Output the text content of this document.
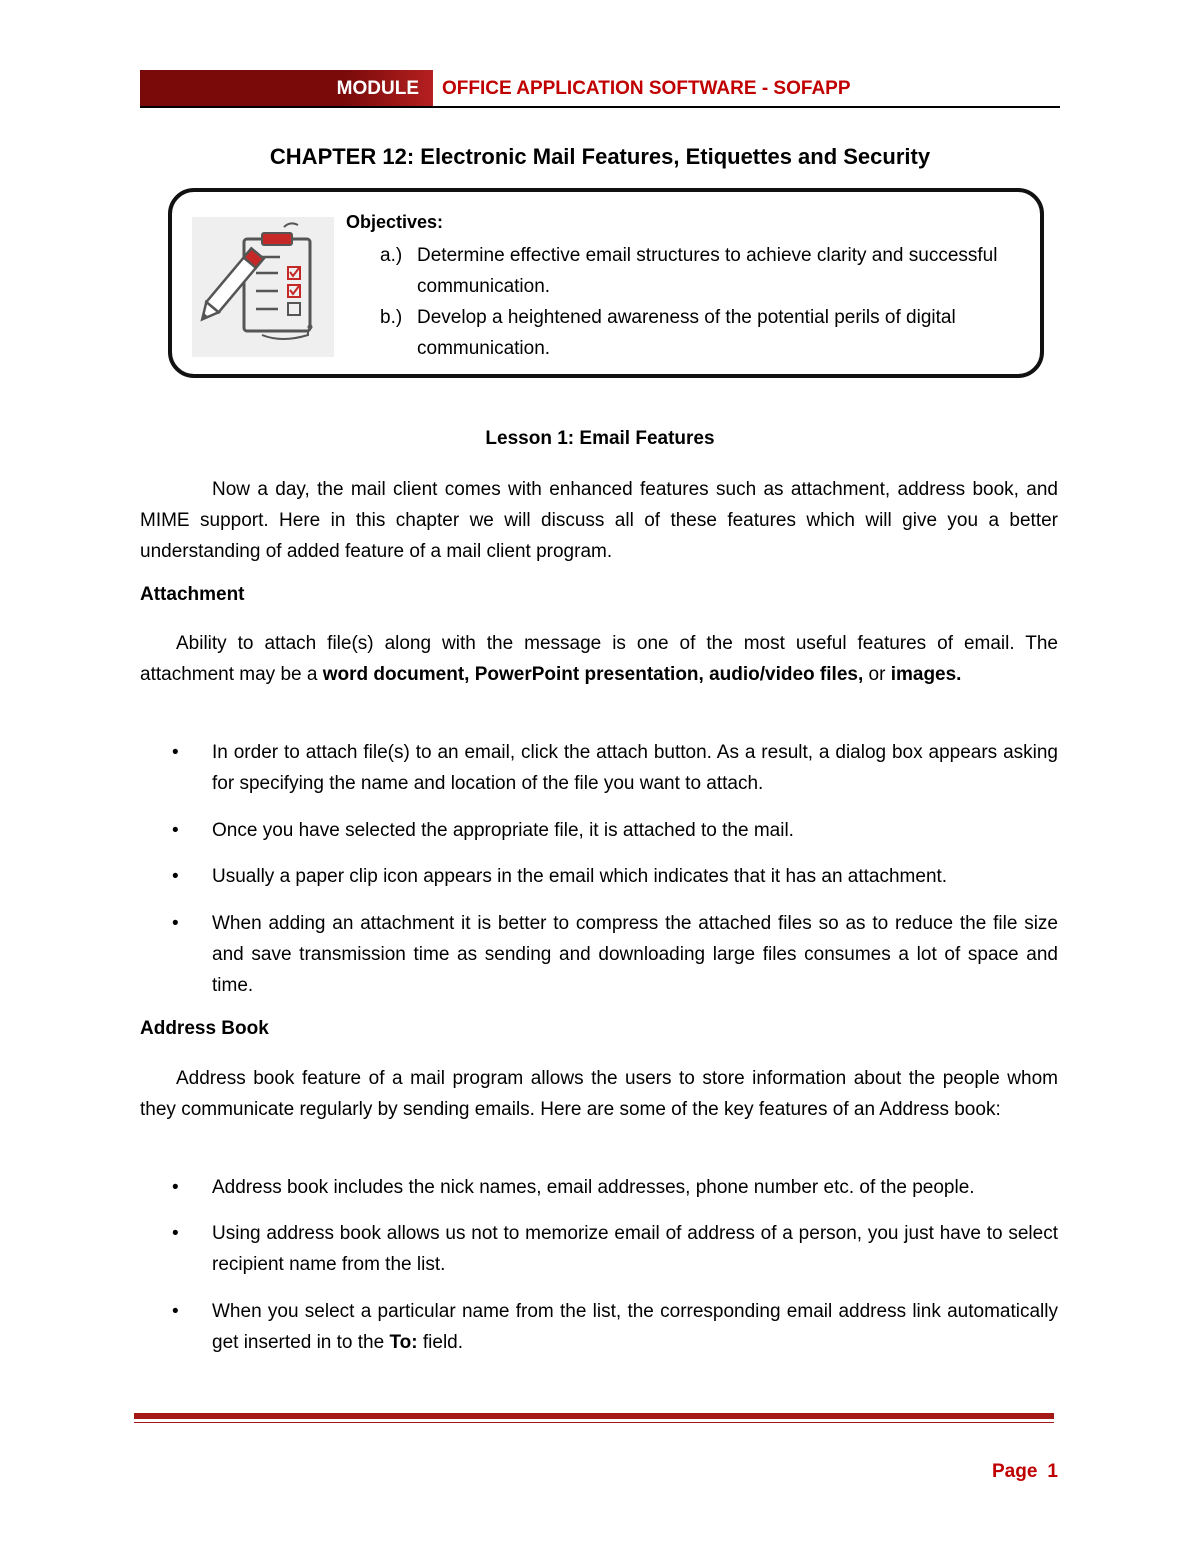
MODULE OFFICE APPLICATION SOFTWARE - SOFAPP
CHAPTER 12: Electronic Mail Features, Etiquettes and Security
Objectives:
a.) Determine effective email structures to achieve clarity and successful communication.
b.) Develop a heightened awareness of the potential perils of digital communication.
Lesson 1: Email Features
Now a day, the mail client comes with enhanced features such as attachment, address book, and MIME support. Here in this chapter we will discuss all of these features which will give you a better understanding of added feature of a mail client program.
Attachment
Ability to attach file(s) along with the message is one of the most useful features of email. The attachment may be a word document, PowerPoint presentation, audio/video files, or images.
• In order to attach file(s) to an email, click the attach button. As a result, a dialog box appears asking for specifying the name and location of the file you want to attach.
• Once you have selected the appropriate file, it is attached to the mail.
• Usually a paper clip icon appears in the email which indicates that it has an attachment.
• When adding an attachment it is better to compress the attached files so as to reduce the file size and save transmission time as sending and downloading large files consumes a lot of space and time.
Address Book
Address book feature of a mail program allows the users to store information about the people whom they communicate regularly by sending emails. Here are some of the key features of an Address book:
• Address book includes the nick names, email addresses, phone number etc. of the people.
• Using address book allows us not to memorize email of address of a person, you just have to select recipient name from the list.
• When you select a particular name from the list, the corresponding email address link automatically get inserted in to the To: field.
Page 1
